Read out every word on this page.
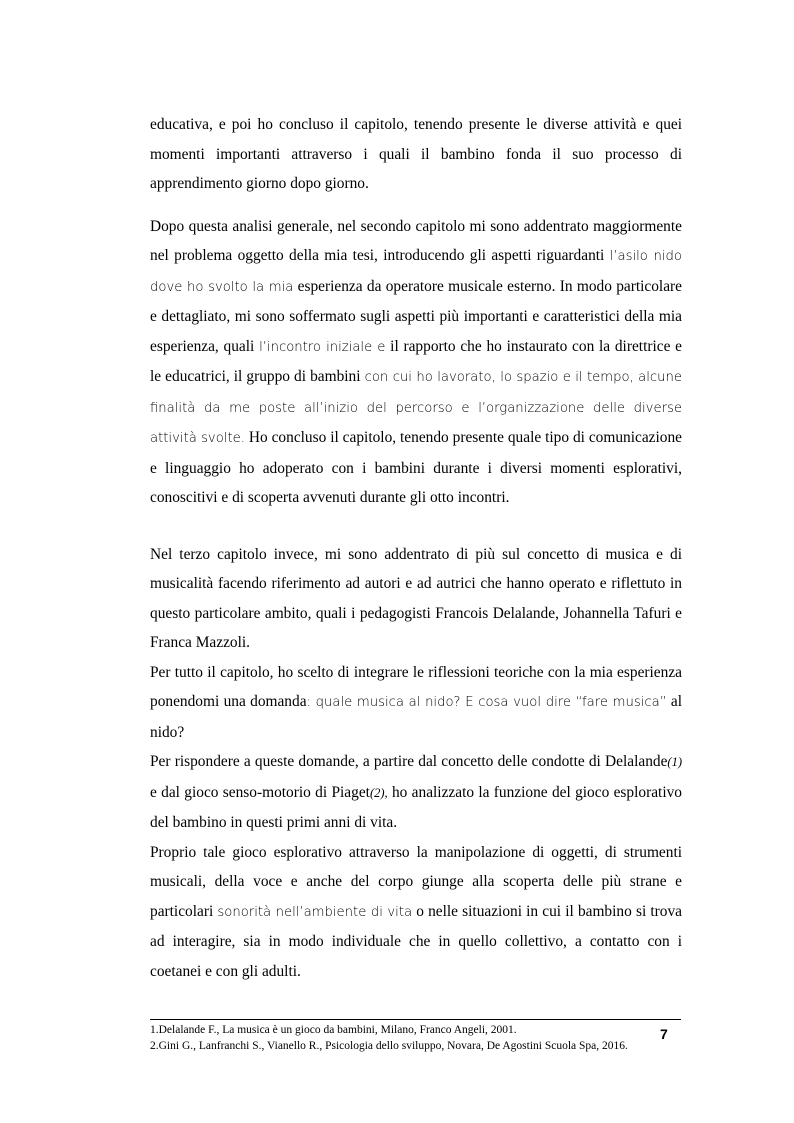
educativa, e poi ho concluso il capitolo, tenendo presente le diverse attività e quei momenti importanti attraverso i quali il bambino fonda il suo processo di apprendimento giorno dopo giorno.

Dopo questa analisi generale, nel secondo capitolo mi sono addentrato maggiormente nel problema oggetto della mia tesi, introducendo gli aspetti riguardanti l’asilo nido dove ho svolto la mia esperienza da operatore musicale esterno. In modo particolare e dettagliato, mi sono soffermato sugli aspetti più importanti e caratteristici della mia esperienza, quali l’incontro iniziale e il rapporto che ho instaurato con la direttrice e le educatrici, il gruppo di bambini con cui ho lavorato, lo spazio e il tempo, alcune finalità da me poste all’inizio del percorso e l’organizzazione delle diverse attività svolte. Ho concluso il capitolo, tenendo presente quale tipo di comunicazione e linguaggio ho adoperato con i bambini durante i diversi momenti esplorativi, conoscitivi e di scoperta avvenuti durante gli otto incontri.

Nel terzo capitolo invece, mi sono addentrato di più sul concetto di musica e di musicalità facendo riferimento ad autori e ad autrici che hanno operato e riflettuto in questo particolare ambito, quali i pedagogisti Francois Delalande, Johannella Tafuri e Franca Mazzoli.

Per tutto il capitolo, ho scelto di integrare le riflessioni teoriche con la mia esperienza ponendomi una domanda: quale musica al nido? E cosa vuol dire “fare musica” al nido?

Per rispondere a queste domande, a partire dal concetto delle condotte di Delalande(1) e dal gioco senso-motorio di Piaget(2), ho analizzato la funzione del gioco esplorativo del bambino in questi primi anni di vita.

Proprio tale gioco esplorativo attraverso la manipolazione di oggetti, di strumenti musicali, della voce e anche del corpo giunge alla scoperta delle più strane e particolari sonorità nell’ambiente di vita o nelle situazioni in cui il bambino si trova ad interagire, sia in modo individuale che in quello collettivo, a contatto con i coetanei e con gli adulti.

1.Delalande F., La musica è un gioco da bambini, Milano, Franco Angeli, 2001.

2.Gini G., Lanfranchi S., Vianello R., Psicologia dello sviluppo, Novara, De Agostini Scuola Spa, 2016.

7
